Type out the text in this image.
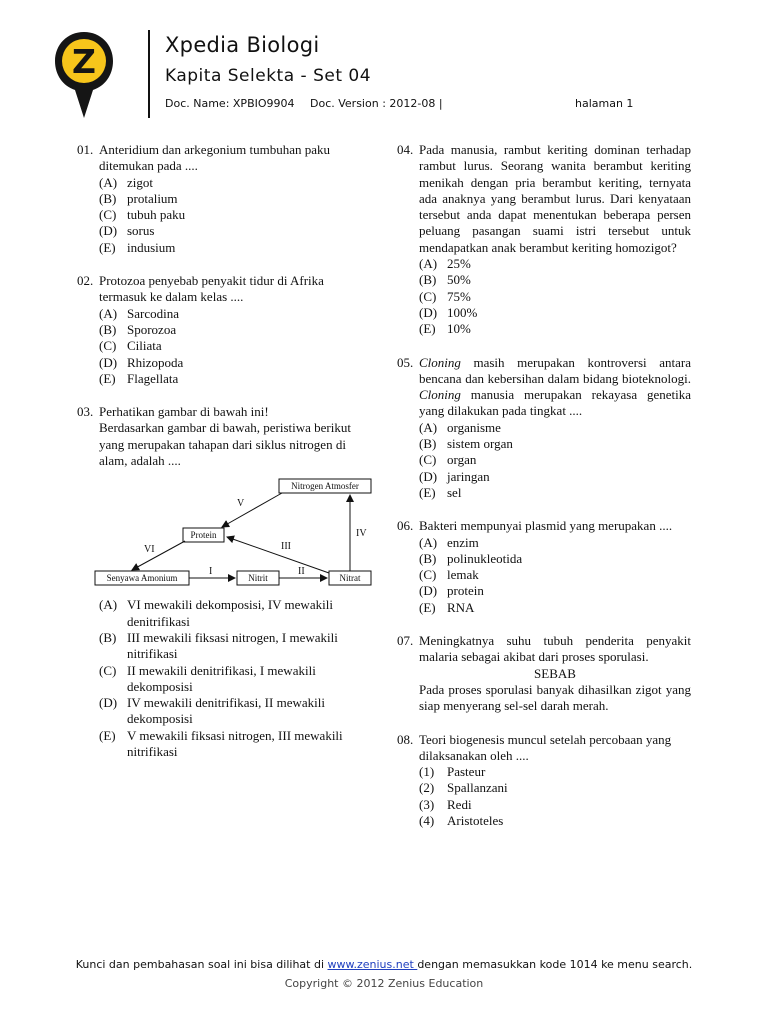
Z	Xpedia Biologi
Kapita Selekta - Set 04
Doc. Name: XPBIO9904 Doc. Version : 2012-08 |	halaman 1
01. Anteridium dan arkegonium tumbuhan paku ditemukan pada ....
(A) zigot
(B) protalium
(C) tubuh paku
(D) sorus
(E) indusium
02. Protozoa penyebab penyakit tidur di Afrika termasuk ke dalam kelas ....
(A) Sarcodina
(B) Sporozoa
(C) Ciliata
(D) Rhizopoda
(E) Flagellata
03. Perhatikan gambar di bawah ini!
Berdasarkan gambar di bawah, peristiwa berikut yang merupakan tahapan dari siklus nitrogen di alam, adalah ....
Nitrogen Atmosfer
Protein
Senyawa Amonium	Nitrit	Nitrat
V
IV
III
VI
I	II
(A) VI mewakili dekomposisi, IV mewakili denitrifikasi
(B) III mewakili fiksasi nitrogen, I mewakili nitrifikasi
(C) II mewakili denitrifikasi, I mewakili dekomposisi
(D) IV mewakili denitrifikasi, II mewakili dekomposisi
(E) V mewakili fiksasi nitrogen, III mewakili nitrifikasi
04. Pada manusia, rambut keriting dominan terhadap rambut lurus. Seorang wanita berambut keriting menikah dengan pria berambut keriting, ternyata ada anaknya yang berambut lurus. Dari kenyataan tersebut anda dapat menentukan beberapa persen peluang pasangan suami istri tersebut untuk mendapatkan anak berambut keriting homozigot?
(A) 25%
(B) 50%
(C) 75%
(D) 100%
(E) 10%
05. Cloning masih merupakan kontroversi antara bencana dan kebersihan dalam bidang bioteknologi. Cloning manusia merupakan rekayasa genetika yang dilakukan pada tingkat ....
(A) organisme
(B) sistem organ
(C) organ
(D) jaringan
(E) sel
06. Bakteri mempunyai plasmid yang merupakan ....
(A) enzim
(B) polinukleotida
(C) lemak
(D) protein
(E) RNA
07. Meningkatnya suhu tubuh penderita penyakit malaria sebagai akibat dari proses sporulasi.
SEBAB
Pada proses sporulasi banyak dihasilkan zigot yang siap menyerang sel-sel darah merah.
08. Teori biogenesis muncul setelah percobaan yang dilaksanakan oleh ....
(1) Pasteur
(2) Spallanzani
(3) Redi
(4) Aristoteles
Kunci dan pembahasan soal ini bisa dilihat di www.zenius.net dengan memasukkan kode 1014 ke menu search.
Copyright © 2012 Zenius Education
